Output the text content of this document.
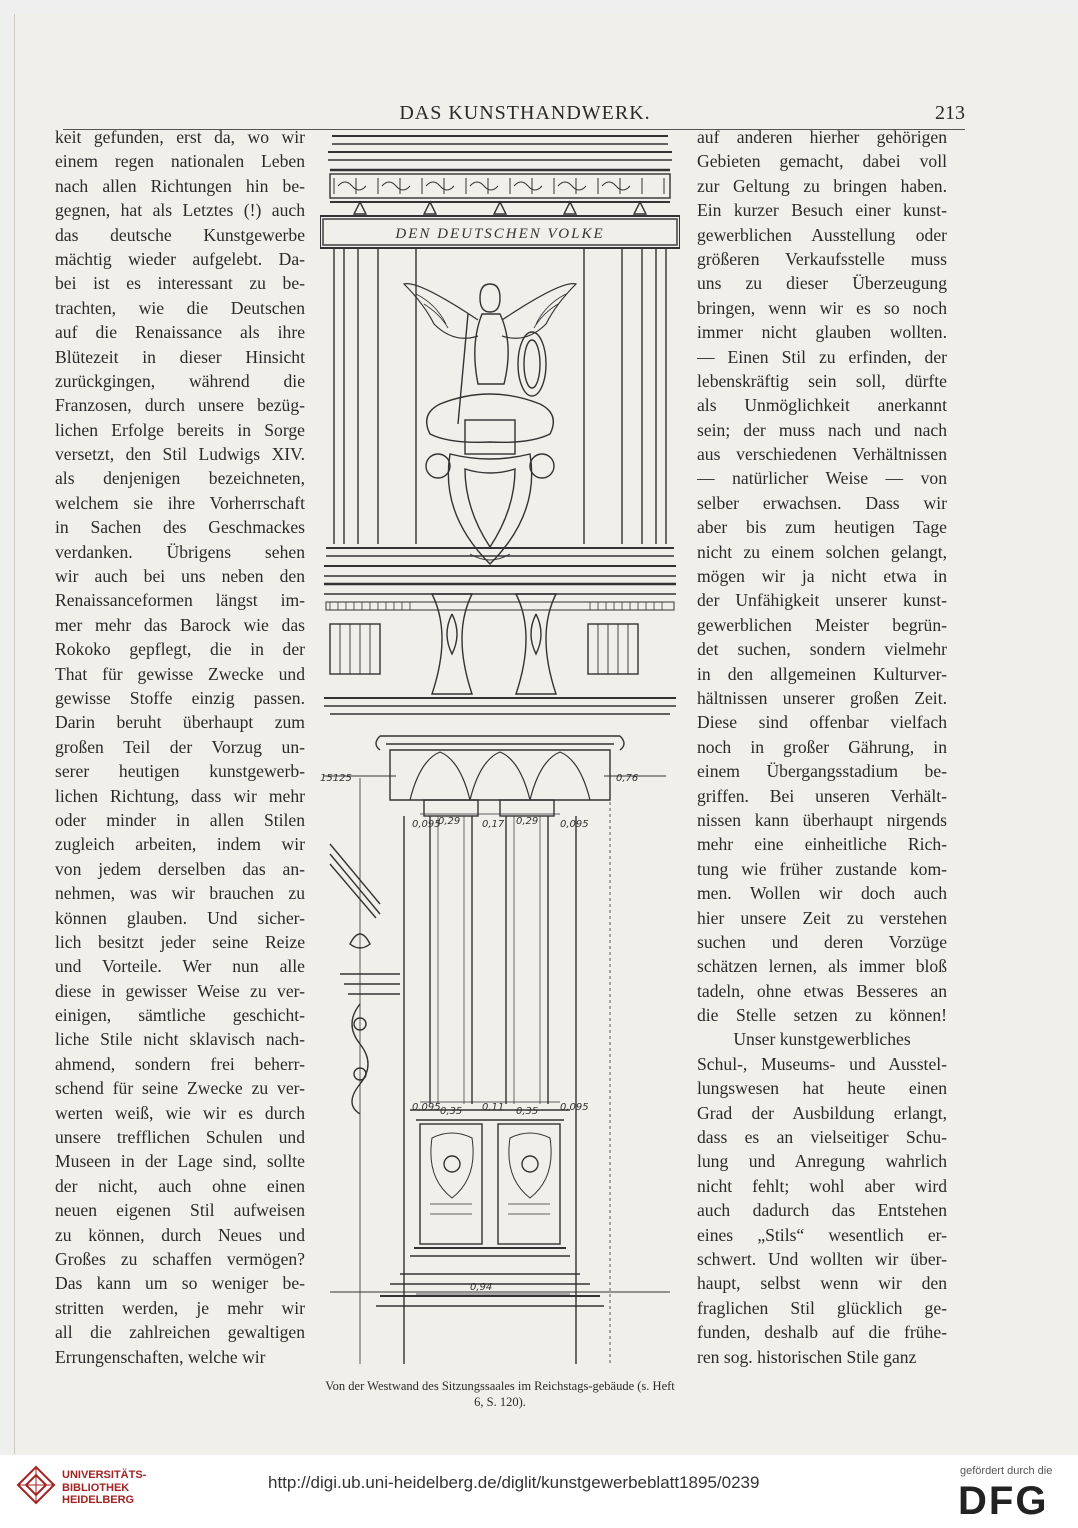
DAS KUNSTHANDWERK.	213
keit gefunden, erst da, wo wir
einem regen nationalen Leben
nach allen Richtungen hin be-
gegnen, hat als Letztes (!) auch
das deutsche Kunstgewerbe
mächtig wieder aufgelebt. Da-
bei ist es interessant zu be-
trachten, wie die Deutschen
auf die Renaissance als ihre
Blütezeit in dieser Hinsicht
zurückgingen, während die
Franzosen, durch unsere bezüg-
lichen Erfolge bereits in Sorge
versetzt, den Stil Ludwigs XIV.
als denjenigen bezeichneten,
welchem sie ihre Vorherrschaft
in Sachen des Geschmackes
verdanken. Übrigens sehen
wir auch bei uns neben den
Renaissanceformen längst im-
mer mehr das Barock wie das
Rokoko gepflegt, die in der
That für gewisse Zwecke und
gewisse Stoffe einzig passen.
Darin beruht überhaupt zum
großen Teil der Vorzug un-
serer heutigen kunstgewerb-
lichen Richtung, dass wir mehr
oder minder in allen Stilen
zugleich arbeiten, indem wir
von jedem derselben das an-
nehmen, was wir brauchen zu
können glauben. Und sicher-
lich besitzt jeder seine Reize
und Vorteile. Wer nun alle
diese in gewisser Weise zu ver-
einigen, sämtliche geschicht-
liche Stile nicht sklavisch nach-
ahmend, sondern frei beherr-
schend für seine Zwecke zu ver-
werten weiß, wie wir es durch
unsere trefflichen Schulen und
Museen in der Lage sind, sollte
der nicht, auch ohne einen
neuen eigenen Stil aufweisen
zu können, durch Neues und
Großes zu schaffen vermögen?
Das kann um so weniger be-
stritten werden, je mehr wir
all die zahlreichen gewaltigen
Errungenschaften, welche wir
auf anderen hierher gehörigen
Gebieten gemacht, dabei voll
zur Geltung zu bringen haben.
Ein kurzer Besuch einer kunst-
gewerblichen Ausstellung oder
größeren Verkaufsstelle muss
uns zu dieser Überzeugung
bringen, wenn wir es so noch
immer nicht glauben wollten.
— Einen Stil zu erfinden, der
lebenskräftig sein soll, dürfte
als Unmöglichkeit anerkannt
sein; der muss nach und nach
aus verschiedenen Verhältnissen
— natürlicher Weise — von
selber erwachsen. Dass wir
aber bis zum heutigen Tage
nicht zu einem solchen gelangt,
mögen wir ja nicht etwa in
der Unfähigkeit unserer kunst-
gewerblichen Meister begrün-
det suchen, sondern vielmehr
in den allgemeinen Kulturver-
hältnissen unserer großen Zeit.
Diese sind offenbar vielfach
noch in großer Gährung, in
einem Übergangsstadium be-
griffen. Bei unseren Verhält-
nissen kann überhaupt nirgends
mehr eine einheitliche Rich-
tung wie früher zustande kom-
men. Wollen wir doch auch
hier unsere Zeit zu verstehen
suchen und deren Vorzüge
schätzen lernen, als immer bloß
tadeln, ohne etwas Besseres an
die Stelle setzen zu können!
Unser kunstgewerbliches
Schul-, Museums- und Ausstel-
lungswesen hat heute einen
Grad der Ausbildung erlangt,
dass es an vielseitiger Schu-
lung und Anregung wahrlich
nicht fehlt; wohl aber wird
auch dadurch das Entstehen
eines „Stils“ wesentlich er-
schwert. Und wollten wir über-
haupt, selbst wenn wir den
fraglichen Stil glücklich ge-
funden, deshalb auf die frühe-
ren sog. historischen Stile ganz
DEN DEUTSCHEN VOLKE
15125	0,76
0,095
0,29 0,17 0,29 0,095
0,095 0,35 0,11 0,35 0,095
0,94
Von der Westwand des Sitzungssaales im Reichstags-gebäude (s. Heft 6, S. 120).
UNIVERSITÄTS-
BIBLIOTHEK
HEIDELBERG
http://digi.ub.uni-heidelberg.de/diglit/kunstgewerbeblatt1895/0239
gefördert durch die
DFG
